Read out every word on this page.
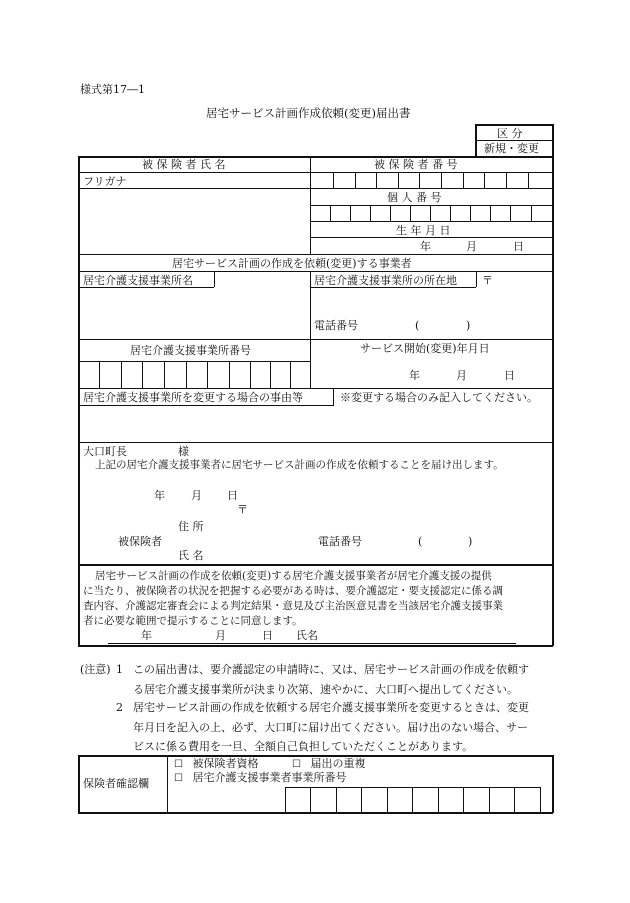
様式第17―1
居宅サービス計画作成依頼(変更)届出書
区 分
新規・変更
被 保 険 者 氏 名	被 保 険 者 番 号
フリガナ
個 人 番 号
生 年 月 日
年	月	日
居宅サービス計画の作成を依頼(変更)する事業者
居宅介護支援事業所名	居宅介護支援事業所の所在地 〒
電話番号	(	)
居宅介護支援事業所番号	サービス開始(変更)年月日
年	月	日
居宅介護支援事業所を変更する場合の事由等	※変更する場合のみ記入してください。
大口町長	様
上記の居宅介護支援事業者に居宅サービス計画の作成を依頼することを届け出します。
年 月 日
〒
住 所
被保険者
氏 名
電話番号	(	)
居宅サービス計画の作成を依頼(変更)する居宅介護支援事業者が居宅介護支援の提供
に当たり、被保険者の状況を把握する必要がある時は、要介護認定・要支援認定に係る調
査内容、介護認定審査会による判定結果・意見及び主治医意見書を当該居宅介護支援事業
者に必要な範囲で提示することに同意します。
年	月	日 氏名
(注意) 1 この届出書は、要介護認定の申請時に、又は、居宅サービス計画の作成を依頼す
る居宅介護支援事業所が決まり次第、速やかに、大口町へ提出してください。
2 居宅サービス計画の作成を依頼する居宅介護支援事業所を変更するときは、変更
年月日を記入の上、必ず、大口町に届け出てください。届け出のない場合、サー
ビスに係る費用を一旦、全額自己負担していただくことがあります。
保険者確認欄
☐ 被保険者資格	☐ 届出の重複
☐ 居宅介護支援事業者事業所番号
